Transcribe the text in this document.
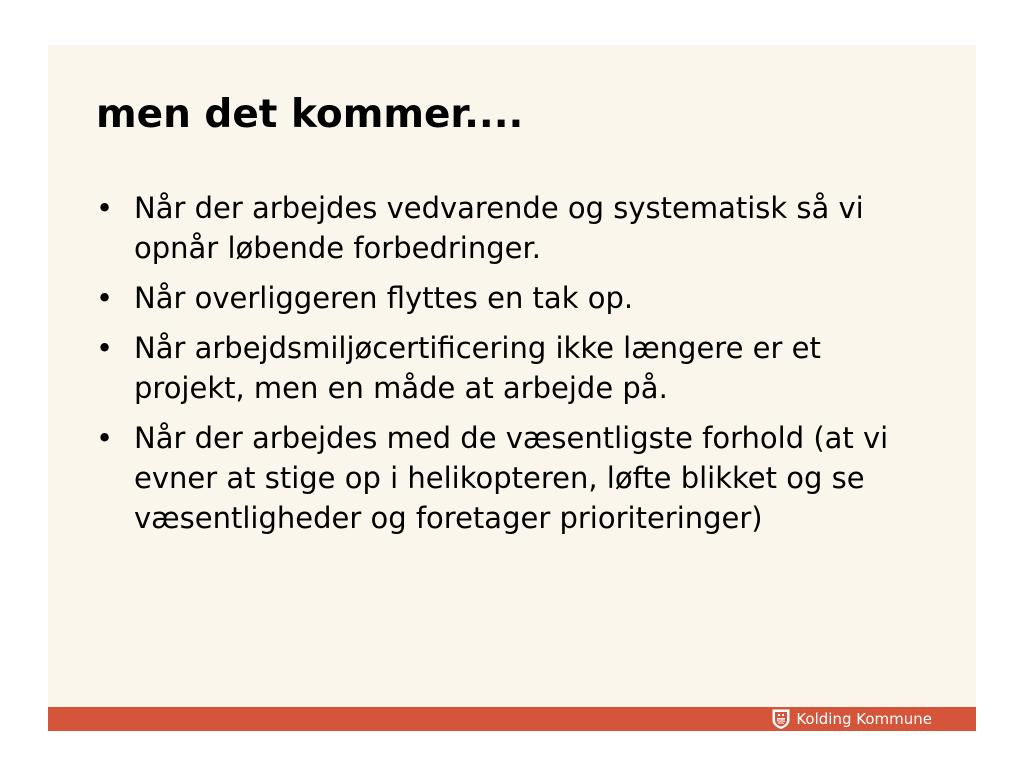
men det kommer....
• Når der arbejdes vedvarende og systematisk så vi opnår løbende forbedringer.
• Når overliggeren flyttes en tak op.
• Når arbejdsmiljøcertificering ikke længere er et projekt, men en måde at arbejde på.
• Når der arbejdes med de væsentligste forhold (at vi evner at stige op i helikopteren, løfte blikket og se væsentligheder og foretager prioriteringer)
Kolding Kommune
